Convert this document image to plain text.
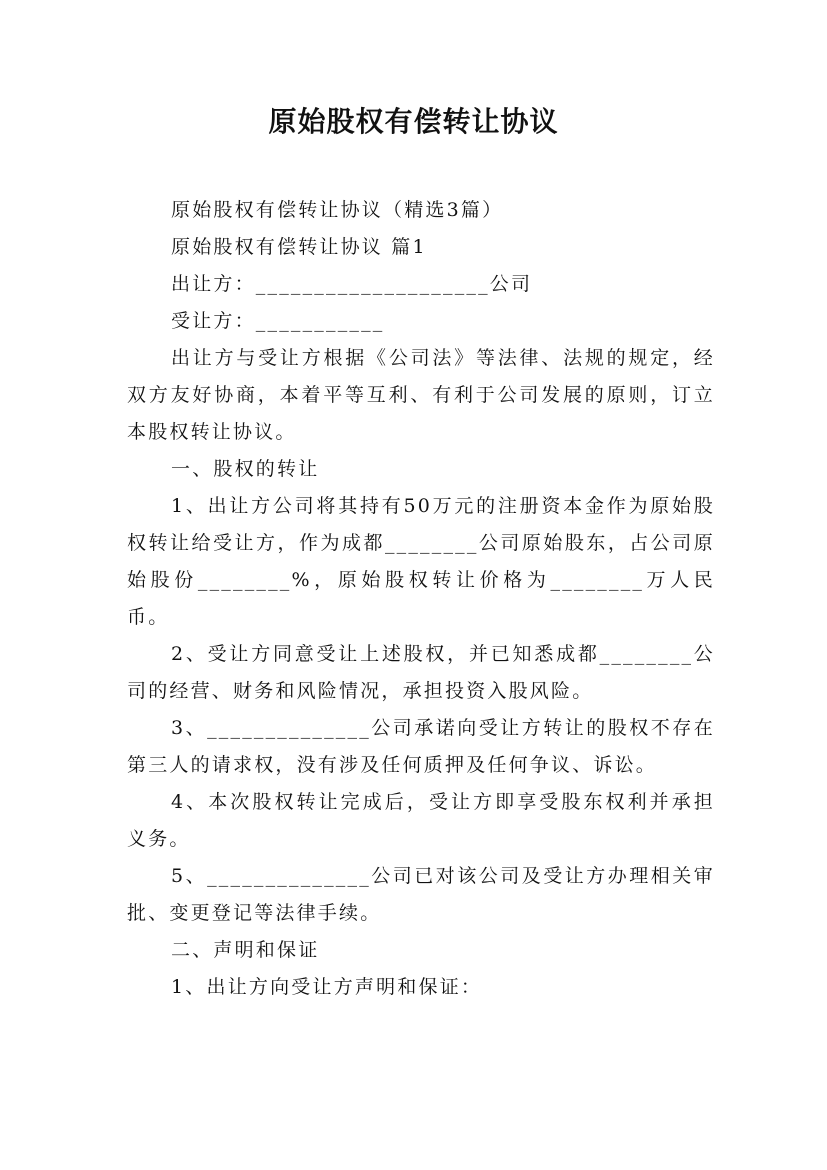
原始股权有偿转让协议

原始股权有偿转让协议（精选3篇）

原始股权有偿转让协议 篇1

出让方：____________________公司

受让方：___________

出让方与受让方根据《公司法》等法律、法规的规定，经双方友好协商，本着平等互利、有利于公司发展的原则，订立本股权转让协议。

一、股权的转让

1、出让方公司将其持有50万元的注册资本金作为原始股权转让给受让方，作为成都________公司原始股东，占公司原始股份________%，原始股权转让价格为________万人民币。

2、受让方同意受让上述股权，并已知悉成都________公司的经营、财务和风险情况，承担投资入股风险。

3、______________公司承诺向受让方转让的股权不存在第三人的请求权，没有涉及任何质押及任何争议、诉讼。

4、本次股权转让完成后，受让方即享受股东权利并承担义务。

5、______________公司已对该公司及受让方办理相关审批、变更登记等法律手续。

二、声明和保证

1、出让方向受让方声明和保证：
